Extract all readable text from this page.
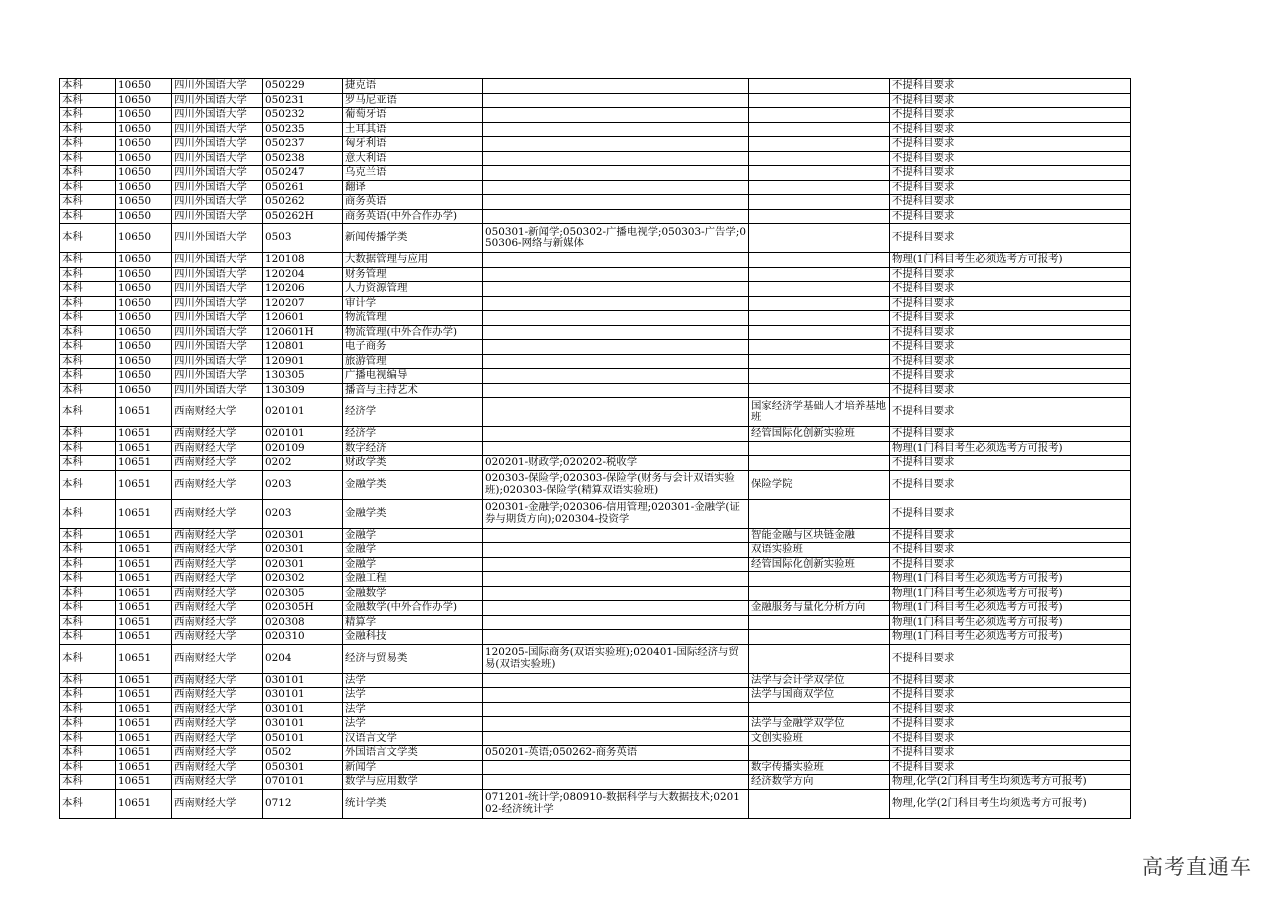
本科	10650	四川外国语大学	050229	捷克语			不提科目要求
本科	10650	四川外国语大学	050231	罗马尼亚语			不提科目要求
本科	10650	四川外国语大学	050232	葡萄牙语			不提科目要求
本科	10650	四川外国语大学	050235	土耳其语			不提科目要求
本科	10650	四川外国语大学	050237	匈牙利语			不提科目要求
本科	10650	四川外国语大学	050238	意大利语			不提科目要求
本科	10650	四川外国语大学	050247	乌克兰语			不提科目要求
本科	10650	四川外国语大学	050261	翻译			不提科目要求
本科	10650	四川外国语大学	050262	商务英语			不提科目要求
本科	10650	四川外国语大学	050262H	商务英语(中外合作办学)			不提科目要求
本科	10650	四川外国语大学	0503	新闻传播学类	050301-新闻学;050302-广播电视学;050303-广告学;050306-网络与新媒体		不提科目要求
本科	10650	四川外国语大学	120108	大数据管理与应用			物理(1门科目考生必须选考方可报考)
本科	10650	四川外国语大学	120204	财务管理			不提科目要求
本科	10650	四川外国语大学	120206	人力资源管理			不提科目要求
本科	10650	四川外国语大学	120207	审计学			不提科目要求
本科	10650	四川外国语大学	120601	物流管理			不提科目要求
本科	10650	四川外国语大学	120601H	物流管理(中外合作办学)			不提科目要求
本科	10650	四川外国语大学	120801	电子商务			不提科目要求
本科	10650	四川外国语大学	120901	旅游管理			不提科目要求
本科	10650	四川外国语大学	130305	广播电视编导			不提科目要求
本科	10650	四川外国语大学	130309	播音与主持艺术			不提科目要求
本科	10651	西南财经大学	020101	经济学		国家经济学基础人才培养基地班	不提科目要求
本科	10651	西南财经大学	020101	经济学		经管国际化创新实验班	不提科目要求
本科	10651	西南财经大学	020109	数字经济			物理(1门科目考生必须选考方可报考)
本科	10651	西南财经大学	0202	财政学类	020201-财政学;020202-税收学		不提科目要求
本科	10651	西南财经大学	0203	金融学类	020303-保险学;020303-保险学(财务与会计双语实验班);020303-保险学(精算双语实验班)	保险学院	不提科目要求
本科	10651	西南财经大学	0203	金融学类	020301-金融学;020306-信用管理;020301-金融学(证券与期货方向);020304-投资学		不提科目要求
本科	10651	西南财经大学	020301	金融学		智能金融与区块链金融	不提科目要求
本科	10651	西南财经大学	020301	金融学		双语实验班	不提科目要求
本科	10651	西南财经大学	020301	金融学		经管国际化创新实验班	不提科目要求
本科	10651	西南财经大学	020302	金融工程			物理(1门科目考生必须选考方可报考)
本科	10651	西南财经大学	020305	金融数学			物理(1门科目考生必须选考方可报考)
本科	10651	西南财经大学	020305H	金融数学(中外合作办学)		金融服务与量化分析方向	物理(1门科目考生必须选考方可报考)
本科	10651	西南财经大学	020308	精算学			物理(1门科目考生必须选考方可报考)
本科	10651	西南财经大学	020310	金融科技			物理(1门科目考生必须选考方可报考)
本科	10651	西南财经大学	0204	经济与贸易类	120205-国际商务(双语实验班);020401-国际经济与贸易(双语实验班)		不提科目要求
本科	10651	西南财经大学	030101	法学		法学与会计学双学位	不提科目要求
本科	10651	西南财经大学	030101	法学		法学与国商双学位	不提科目要求
本科	10651	西南财经大学	030101	法学			不提科目要求
本科	10651	西南财经大学	030101	法学		法学与金融学双学位	不提科目要求
本科	10651	西南财经大学	050101	汉语言文学		文创实验班	不提科目要求
本科	10651	西南财经大学	0502	外国语言文学类	050201-英语;050262-商务英语		不提科目要求
本科	10651	西南财经大学	050301	新闻学		数字传播实验班	不提科目要求
本科	10651	西南财经大学	070101	数学与应用数学		经济数学方向	物理,化学(2门科目考生均须选考方可报考)
本科	10651	西南财经大学	0712	统计学类	071201-统计学;080910-数据科学与大数据技术;020102-经济统计学		物理,化学(2门科目考生均须选考方可报考)
高考直通车
